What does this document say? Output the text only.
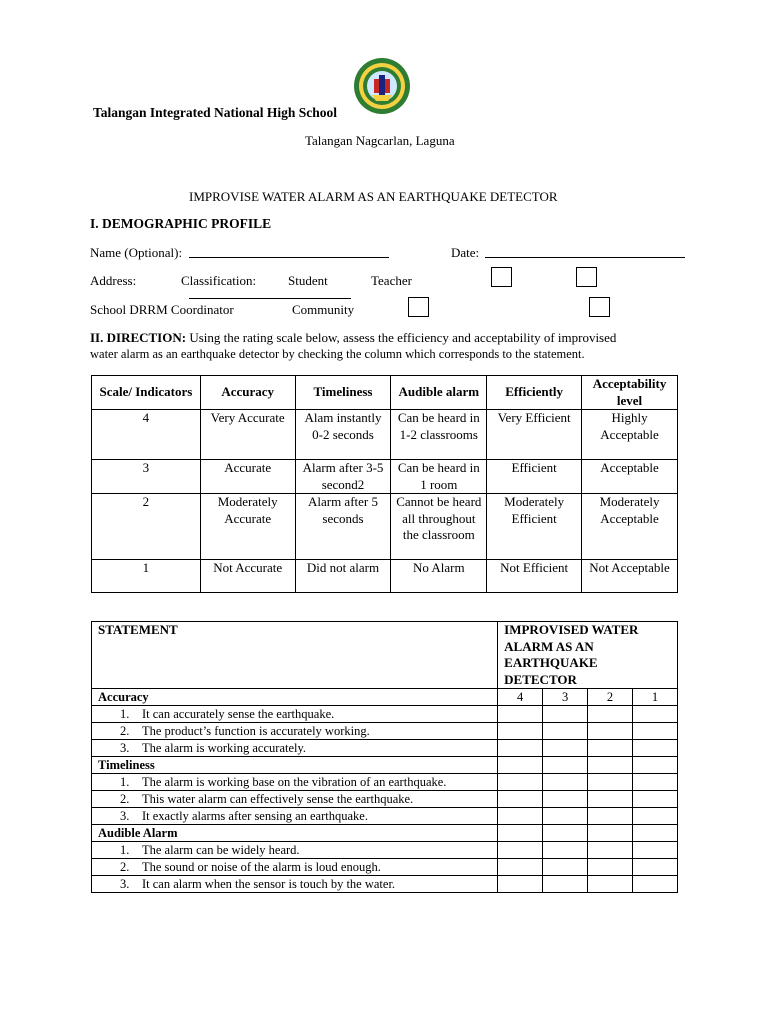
Talangan Integrated National High School
Talangan Nagcarlan, Laguna
IMPROVISE WATER ALARM AS AN EARTHQUAKE DETECTOR
I. DEMOGRAPHIC PROFILE
Name (Optional):	Date:
Address:	Classification: Student	Teacher
School DRRM Coordinator	Community
II. DIRECTION: Using the rating scale below, assess the efficiency and acceptability of improvised
water alarm as an earthquake detector by checking the column which corresponds to the statement.
Scale/ Indicators	Accuracy	Timeliness	Audible alarm	Efficiently	Acceptability level
4	Very Accurate	Alam instantly 0-2 seconds	Can be heard in 1-2 classrooms	Very Efficient	Highly Acceptable
3	Accurate	Alarm after 3-5 second2	Can be heard in 1 room	Efficient	Acceptable
2	Moderately Accurate	Alarm after 5 seconds	Cannot be heard all throughout the classroom	Moderately Efficient	Moderately Acceptable
1	Not Accurate	Did not alarm	No Alarm	Not Efficient	Not Acceptable
STATEMENT	IMPROVISED WATER ALARM AS AN EARTHQUAKE DETECTOR			
Accuracy	4	3	2	1
1. It can accurately sense the earthquake.				
2. The product’s function is accurately working.				
3. The alarm is working accurately.				
Timeliness				
1. The alarm is working base on the vibration of an earthquake.				
2. This water alarm can effectively sense the earthquake.				
3. It exactly alarms after sensing an earthquake.				
Audible Alarm				
1. The alarm can be widely heard.				
2. The sound or noise of the alarm is loud enough.				
3. It can alarm when the sensor is touch by the water.				
